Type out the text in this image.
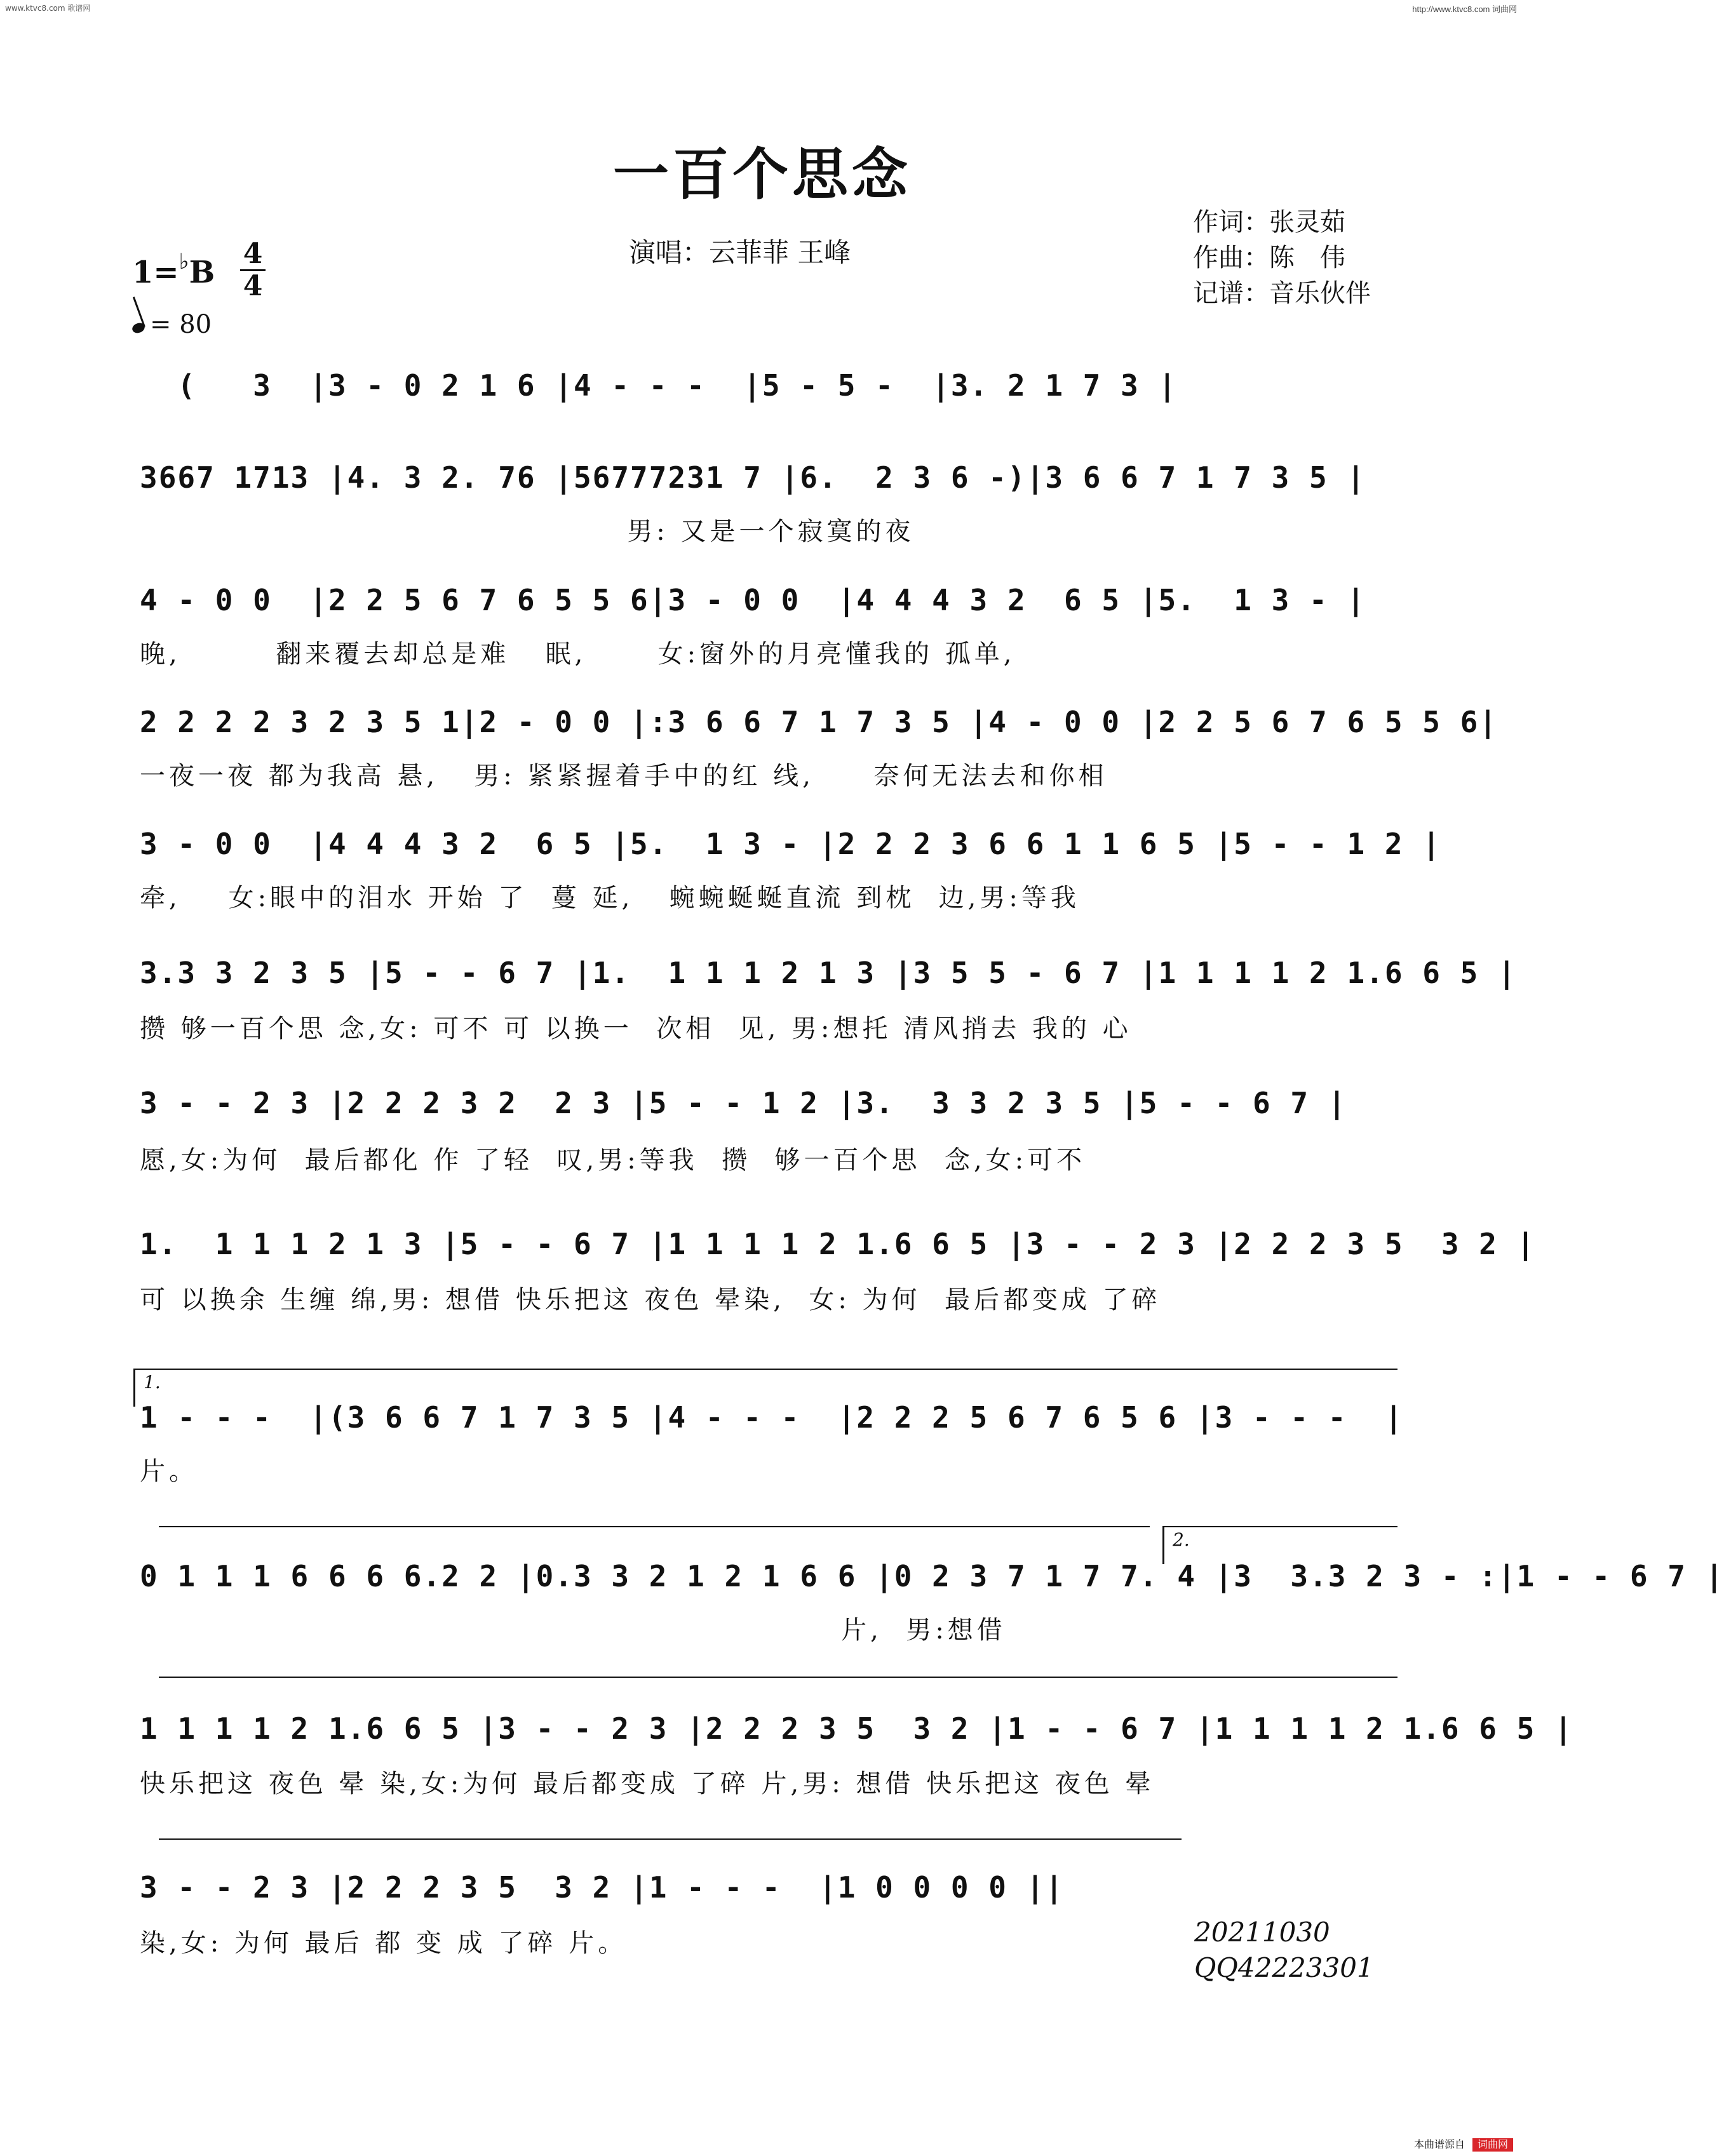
www.ktvc8.com 歌谱网	http://www.ktvc8.com 词曲网
一百个思念
演唱：云菲菲 王峰
作词：张灵茹
作曲：陈　伟
记谱：音乐伙伴
1=♭B
4
4
= 80
(   3  |3 - 0 2 1 6 |4 - - -  |5 - 5 -  |3. 2 1 7 3 |
3667 1713 |4. 3 2. 76 |56777231 7 |6.  2 3 6 -)|3 6 6 7 1 7 3 5 |
男: 又是一个寂寞的夜
4 - 0 0  |2 2 5 6 7 6 5 5 6|3 - 0 0  |4 4 4 3 2  6 5 |5.  1 3 - |
晚,        翻来覆去却总是难   眠,      女:窗外的月亮懂我的 孤单,
2 2 2 2 3 2 3 5 1|2 - 0 0 |:3 6 6 7 1 7 3 5 |4 - 0 0 |2 2 5 6 7 6 5 5 6|
一夜一夜 都为我高 悬,   男: 紧紧握着手中的红 线,     奈何无法去和你相
3 - 0 0  |4 4 4 3 2  6 5 |5.  1 3 - |2 2 2 3 6 6 1 1 6 5 |5 - - 1 2 |
牵,    女:眼中的泪水 开始 了  蔓 延,   蜿蜿蜒蜒直流 到枕  边,男:等我
3.3 3 2 3 5 |5 - - 6 7 |1.  1 1 1 2 1 3 |3 5 5 - 6 7 |1 1 1 1 2 1.6 6 5 |
攒 够一百个思 念,女: 可不 可 以换一  次相  见, 男:想托 清风捎去 我的 心
3 - - 2 3 |2 2 2 3 2  2 3 |5 - - 1 2 |3.  3 3 2 3 5 |5 - - 6 7 |
愿,女:为何  最后都化 作 了轻  叹,男:等我  攒  够一百个思  念,女:可不
1.  1 1 1 2 1 3 |5 - - 6 7 |1 1 1 1 2 1.6 6 5 |3 - - 2 3 |2 2 2 3 5  3 2 |
可 以换余 生缠 绵,男: 想借 快乐把这 夜色 晕染,  女: 为何  最后都变成 了碎
1.
1 - - -  |(3 6 6 7 1 7 3 5 |4 - - -  |2 2 2 5 6 7 6 5 6 |3 - - -  |
片。
2.
0 1 1 1 6 6 6 6.2 2 |0.3 3 2 1 2 1 6 6 |0 2 3 7 1 7 7. 4 |3  3.3 2 3 - :|1 - - 6 7 |
片,  男:想借
1 1 1 1 2 1.6 6 5 |3 - - 2 3 |2 2 2 3 5  3 2 |1 - - 6 7 |1 1 1 1 2 1.6 6 5 |
快乐把这 夜色 晕 染,女:为何 最后都变成 了碎 片,男: 想借 快乐把这 夜色 晕
3 - - 2 3 |2 2 2 3 5  3 2 |1 - - -  |1 0 0 0 0 ||
染,女: 为何 最后 都 变 成 了碎 片。	20211030
QQ42223301
本曲谱源自 词曲网
